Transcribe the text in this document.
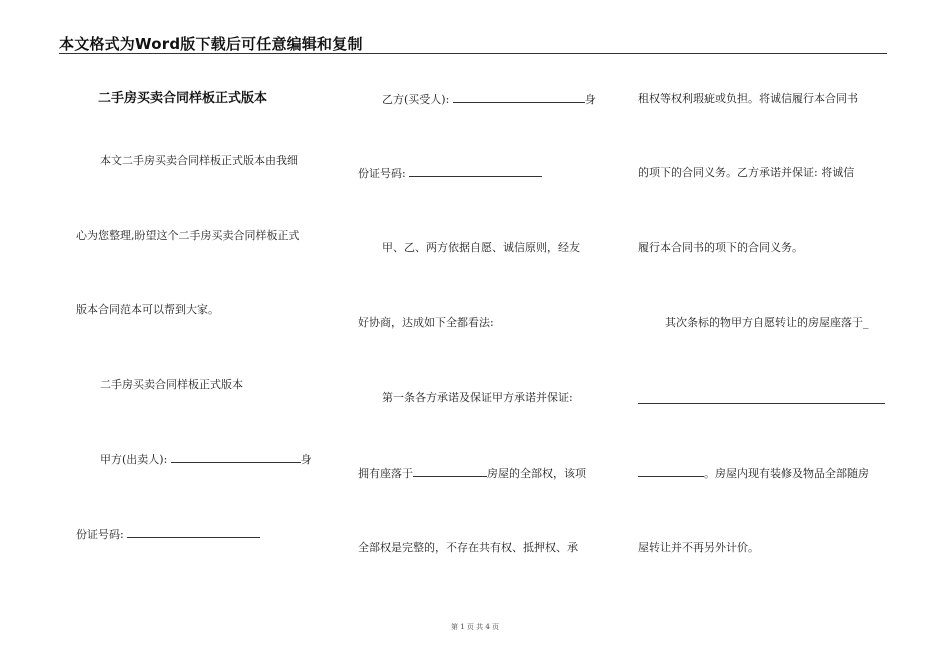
本文格式为Word版下载后可任意编辑和复制
二手房买卖合同样板正式版本
本文二手房买卖合同样板正式版本由我细
心为您整理,盼望这个二手房买卖合同样板正式
版本合同范本可以帮到大家。
二手房买卖合同样板正式版本
甲方(出卖人):	身
份证号码:
乙方(买受人):	身
份证号码:
甲、乙、两方依据自愿、诚信原则，经友
好协商，达成如下全都看法:
第一条各方承诺及保证甲方承诺并保证:
拥有座落于	房屋的全部权，该项
全部权是完整的，不存在共有权、抵押权、承
租权等权利瑕疵或负担。将诚信履行本合同书
的项下的合同义务。乙方承诺并保证: 将诚信
履行本合同书的项下的合同义务。
其次条标的物甲方自愿转让的房屋座落于_
。房屋内现有装修及物品全部随房
屋转让并不再另外计价。
第 1 页 共 4 页
